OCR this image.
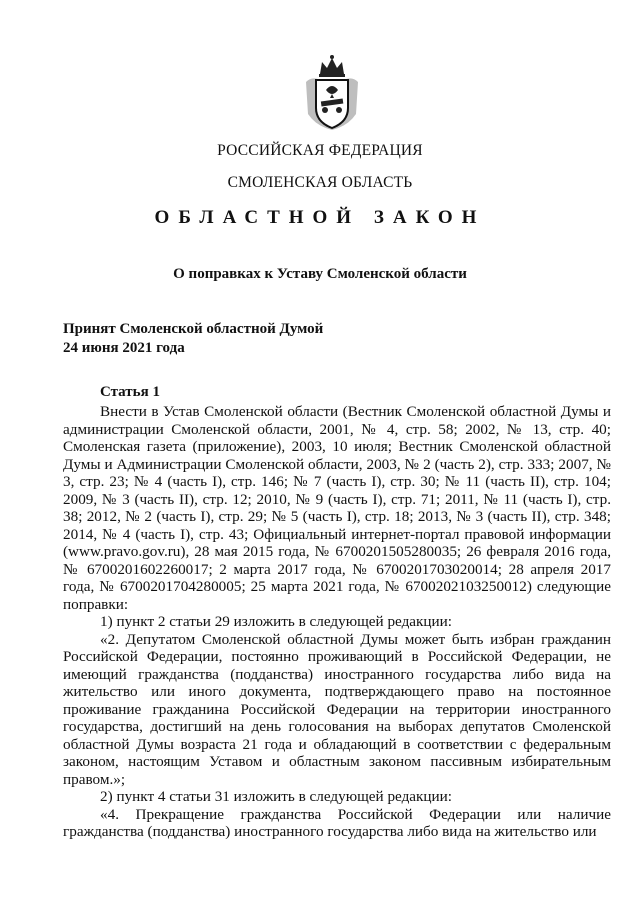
РОССИЙСКАЯ ФЕДЕРАЦИЯ
СМОЛЕНСКАЯ ОБЛАСТЬ
ОБЛАСТНОЙ ЗАКОН
О поправках к Уставу Смоленской области
Принят Смоленской областной Думой
24 июня 2021 года
Статья 1

Внести в Устав Смоленской области (Вестник Смоленской областной Думы и администрации Смоленской области, 2001, № 4, стр. 58; 2002, № 13, стр. 40; Смоленская газета (приложение), 2003, 10 июля; Вестник Смоленской областной Думы и Администрации Смоленской области, 2003, № 2 (часть 2), стр. 333; 2007, № 3, стр. 23; № 4 (часть I), стр. 146; № 7 (часть I), стр. 30; № 11 (часть II), стр. 104; 2009, № 3 (часть II), стр. 12; 2010, № 9 (часть I), стр. 71; 2011, № 11 (часть I), стр. 38; 2012, № 2 (часть I), стр. 29; № 5 (часть I), стр. 18; 2013, № 3 (часть II), стр. 348; 2014, № 4 (часть I), стр. 43; Официальный интернет-портал правовой информации (www.pravo.gov.ru), 28 мая 2015 года, № 6700201505280035; 26 февраля 2016 года, № 6700201602260017; 2 марта 2017 года, № 6700201703020014; 28 апреля 2017 года, № 6700201704280005; 25 марта 2021 года, № 6700202103250012) следующие поправки:

1) пункт 2 статьи 29 изложить в следующей редакции:

«2. Депутатом Смоленской областной Думы может быть избран гражданин Российской Федерации, постоянно проживающий в Российской Федерации, не имеющий гражданства (подданства) иностранного государства либо вида на жительство или иного документа, подтверждающего право на постоянное проживание гражданина Российской Федерации на территории иностранного государства, достигший на день голосования на выборах депутатов Смоленской областной Думы возраста 21 года и обладающий в соответствии с федеральным законом, настоящим Уставом и областным законом пассивным избирательным правом.»;

2) пункт 4 статьи 31 изложить в следующей редакции:

«4. Прекращение гражданства Российской Федерации или наличие гражданства (подданства) иностранного государства либо вида на жительство или
